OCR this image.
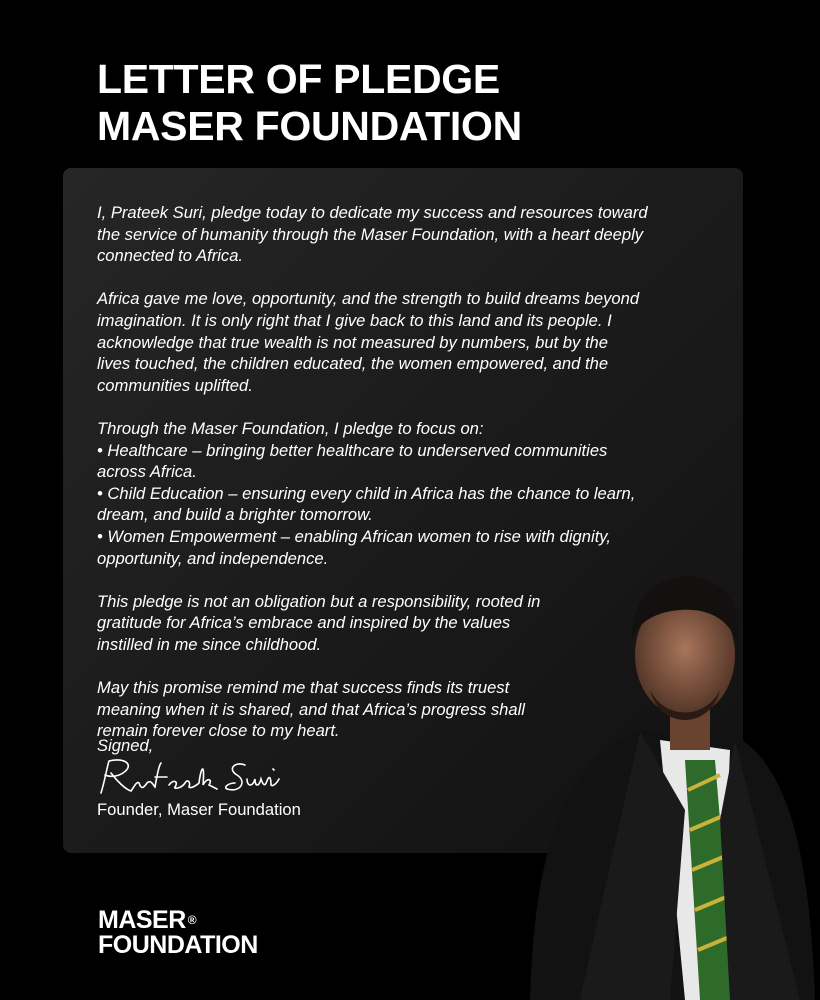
LETTER OF PLEDGE
MASER FOUNDATION
I, Prateek Suri, pledge today to dedicate my success and resources toward
the service of humanity through the Maser Foundation, with a heart deeply
connected to Africa.
Africa gave me love, opportunity, and the strength to build dreams beyond
imagination. It is only right that I give back to this land and its people. I
acknowledge that true wealth is not measured by numbers, but by the
lives touched, the children educated, the women empowered, and the
communities uplifted.
Through the Maser Foundation, I pledge to focus on:
• Healthcare – bringing better healthcare to underserved communities
across Africa.
• Child Education – ensuring every child in Africa has the chance to learn,
dream, and build a brighter tomorrow.
• Women Empowerment – enabling African women to rise with dignity,
opportunity, and independence.
This pledge is not an obligation but a responsibility, rooted in
gratitude for Africa’s embrace and inspired by the values
instilled in me since childhood.
May this promise remind me that success finds its truest
meaning when it is shared, and that Africa’s progress shall
remain forever close to my heart.
Signed,
Founder, Maser Foundation
MASER ®
FOUNDATION
